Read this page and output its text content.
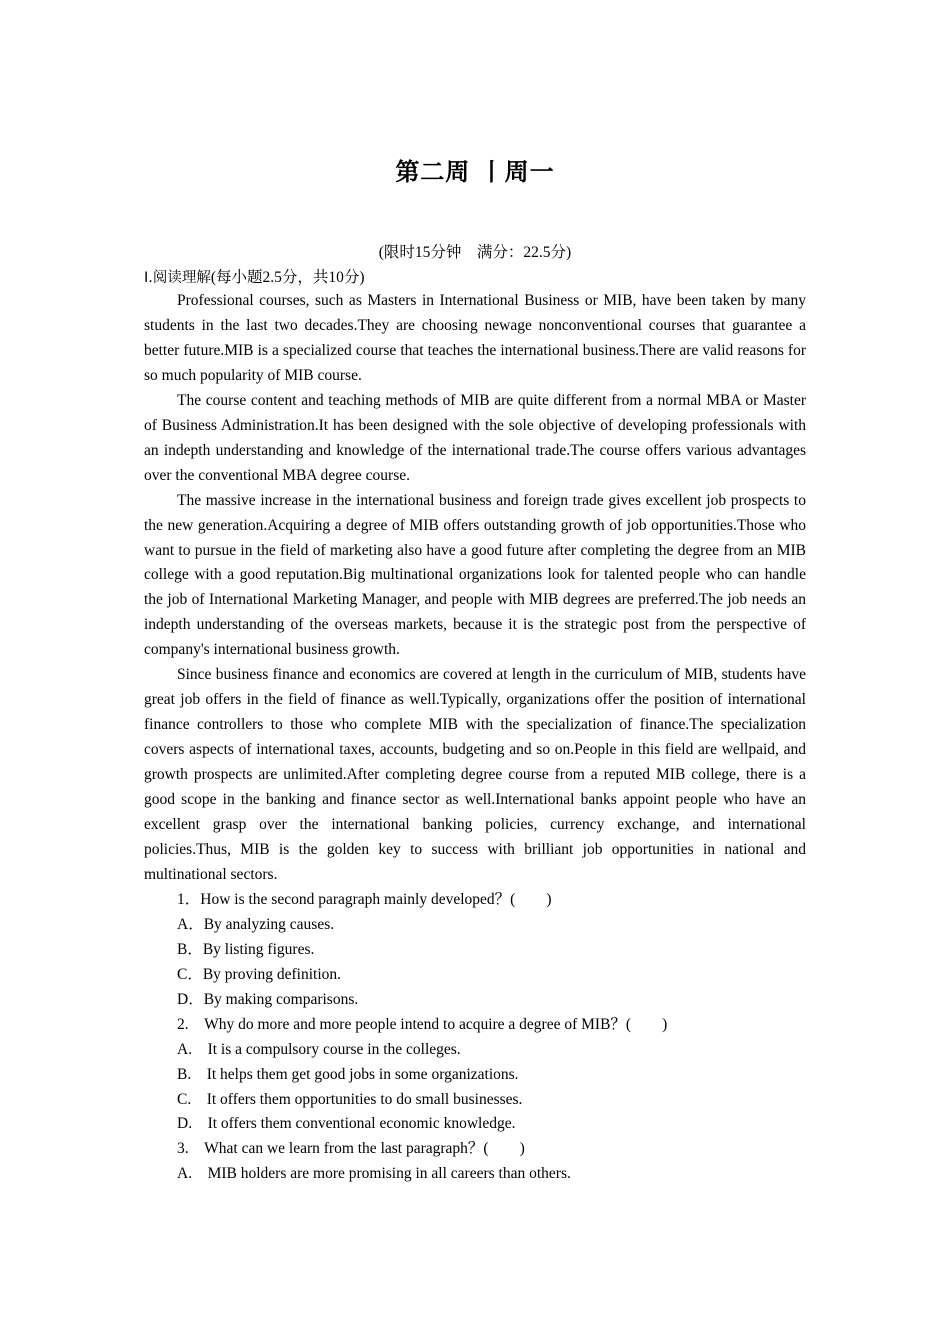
第二周 丨周一
(限时15分钟　满分：22.5分)
Ⅰ.阅读理解(每小题2.5分，共10分)

Professional courses, such as Masters in International Business or MIB, have been taken by many students in the last two decades.They are choosing newage nonconventional courses that guarantee a better future.MIB is a specialized course that teaches the international business.There are valid reasons for so much popularity of MIB course.

The course content and teaching methods of MIB are quite different from a normal MBA or Master of Business Administration.It has been designed with the sole objective of developing professionals with an indepth understanding and knowledge of the international trade.The course offers various advantages over the conventional MBA degree course.

The massive increase in the international business and foreign trade gives excellent job prospects to the new generation.Acquiring a degree of MIB offers outstanding growth of job opportunities.Those who want to pursue in the field of marketing also have a good future after completing the degree from an MIB college with a good reputation.Big multinational organizations look for talented people who can handle the job of International Marketing Manager, and people with MIB degrees are preferred.The job needs an indepth understanding of the overseas markets, because it is the strategic post from the perspective of company's international business growth.

Since business finance and economics are covered at length in the curriculum of MIB, students have great job offers in the field of finance as well.Typically, organizations offer the position of international finance controllers to those who complete MIB with the specialization of finance.The specialization covers aspects of international taxes, accounts, budgeting and so on.People in this field are wellpaid, and growth prospects are unlimited.After completing degree course from a reputed MIB college, there is a good scope in the banking and finance sector as well.International banks appoint people who have an excellent grasp over the international banking policies, currency exchange, and international policies.Thus, MIB is the golden key to success with brilliant job opportunities in national and multinational sectors.

1．How is the second paragraph mainly developed？(　　)
A．By analyzing causes.
B．By listing figures.
C．By proving definition.
D．By making comparisons.
2.　Why do more and more people intend to acquire a degree of MIB？(　　)
A.　It is a compulsory course in the colleges.
B.　It helps them get good jobs in some organizations.
C.　It offers them opportunities to do small businesses.
D.　It offers them conventional economic knowledge.
3.　What can we learn from the last paragraph？(　　)
A.　MIB holders are more promising in all careers than others.
